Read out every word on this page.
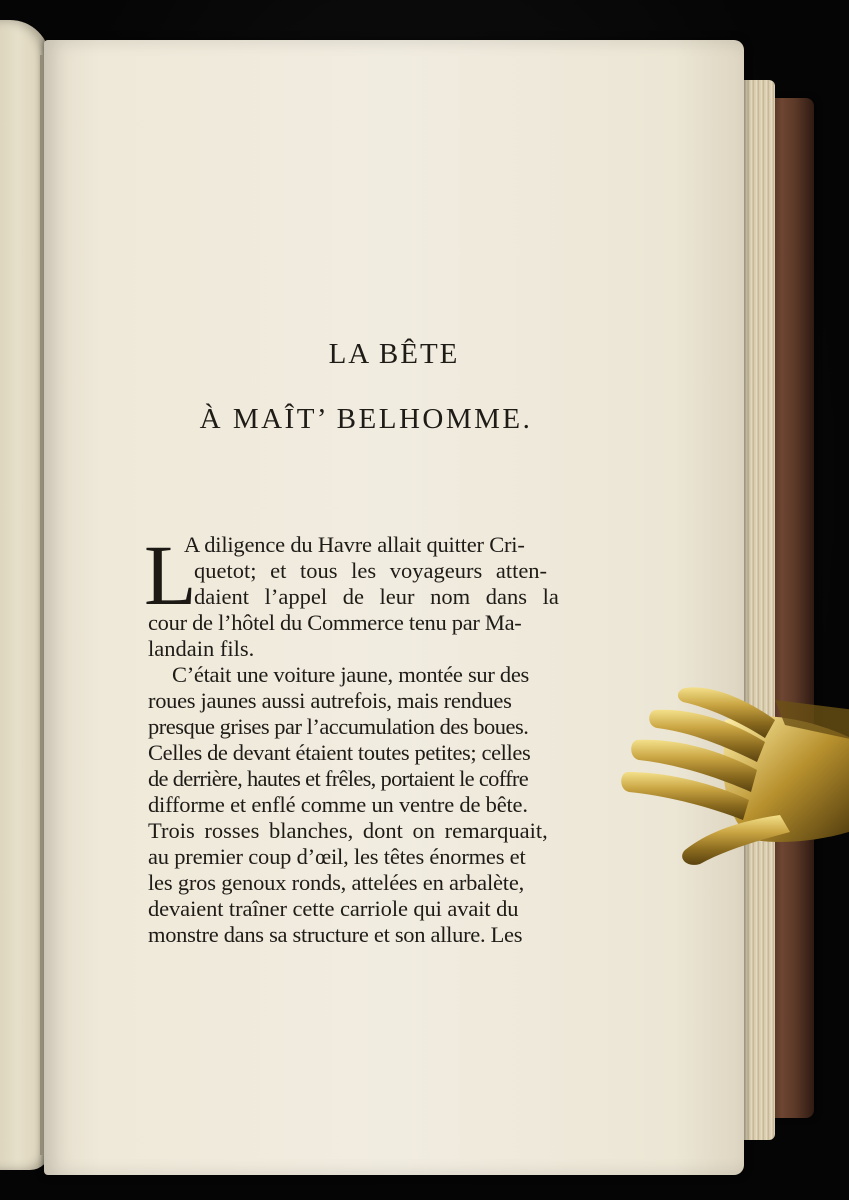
LA BÊTE
À MAÎT’ BELHOMME.
L
A diligence du Havre allait quitter Cri-
quetot; et tous les voyageurs atten-
daient l’appel de leur nom dans la
cour de l’hôtel du Commerce tenu par Ma-
landain fils.
C’était une voiture jaune, montée sur des
roues jaunes aussi autrefois, mais rendues
presque grises par l’accumulation des boues.
Celles de devant étaient toutes petites; celles
de derrière, hautes et frêles, portaient le coffre
difforme et enflé comme un ventre de bête.
Trois rosses blanches, dont on remarquait,
au premier coup d’œil, les têtes énormes et
les gros genoux ronds, attelées en arbalète,
devaient traîner cette carriole qui avait du
monstre dans sa structure et son allure. Les
